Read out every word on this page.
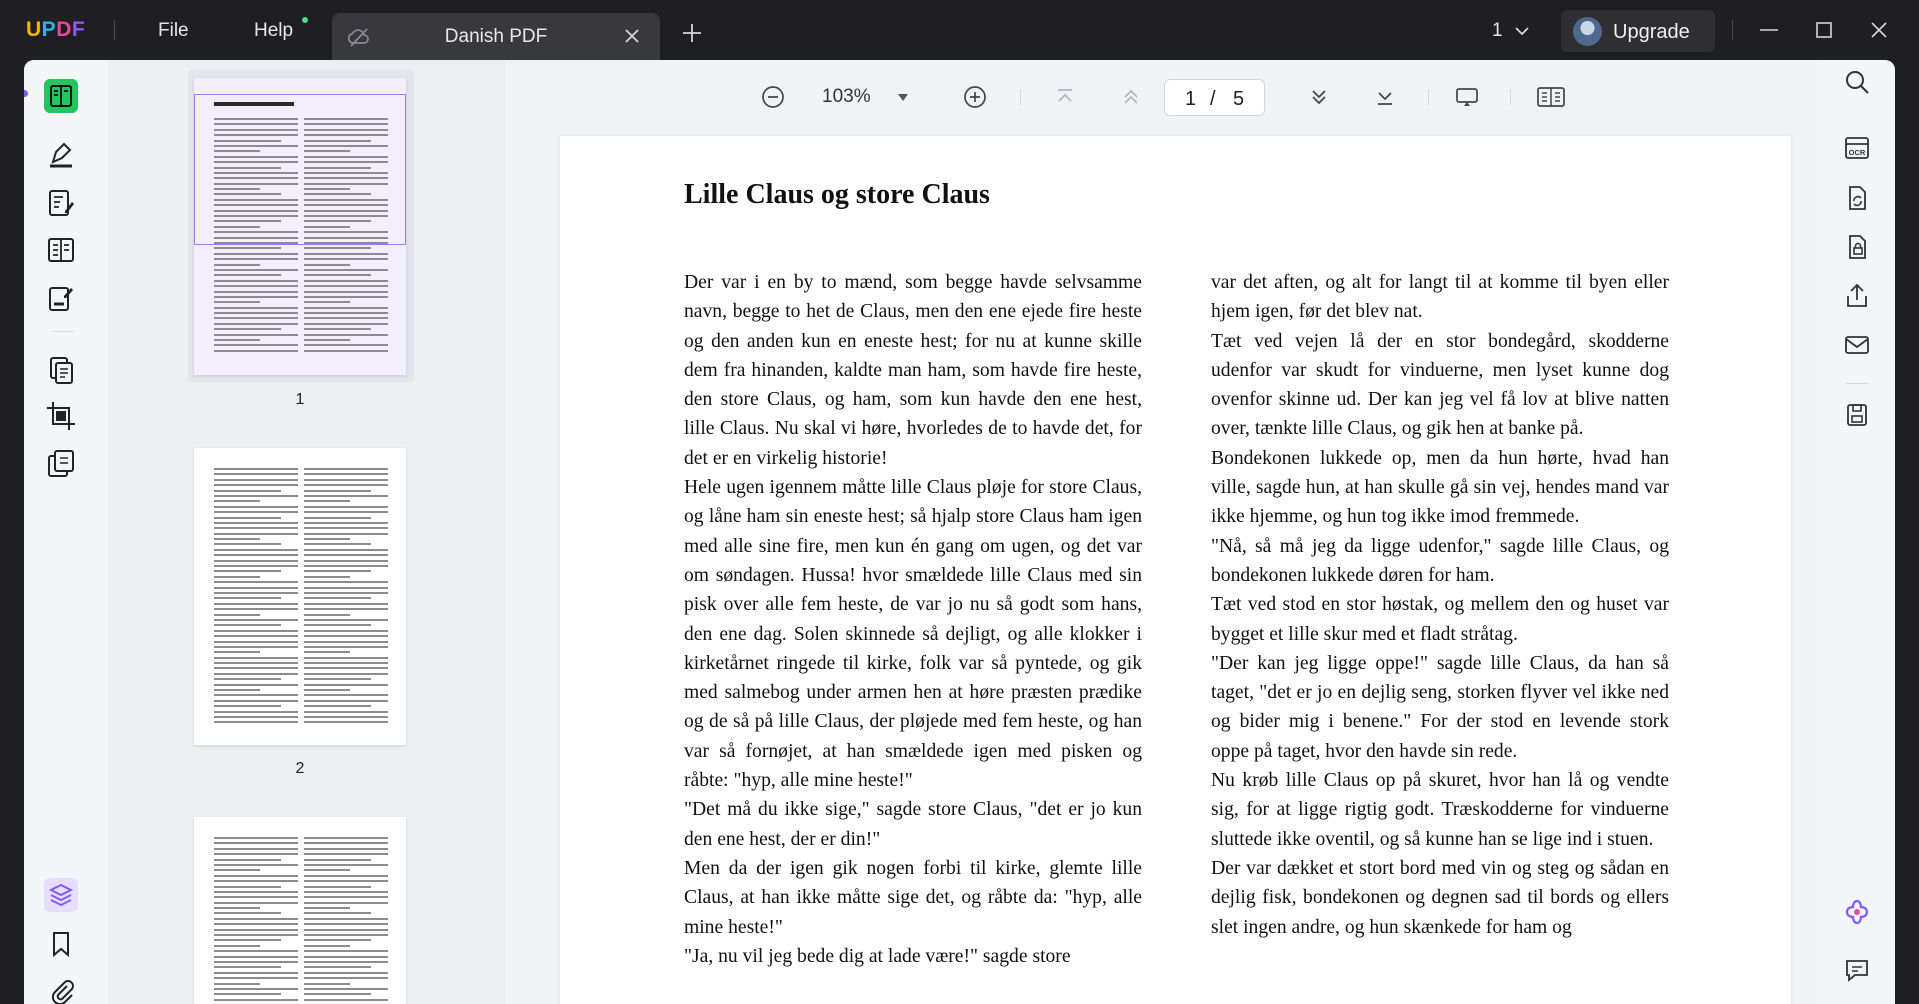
UPDF	File	Help	Danish PDF	1	Upgrade
1
2
103%	1 / 5
Lille Claus og store Claus

Der var i en by to mænd, som begge havde selvsamme navn, begge to het de Claus, men den ene ejede fire heste og den anden kun en eneste hest; for nu at kunne skille dem fra hinanden, kaldte man ham, som havde fire heste, den store Claus, og ham, som kun havde den ene hest, lille Claus. Nu skal vi høre, hvorledes de to havde det, for det er en virkelig historie!

Hele ugen igennem måtte lille Claus pløje for store Claus, og låne ham sin eneste hest; så hjalp store Claus ham igen med alle sine fire, men kun én gang om ugen, og det var om søndagen. Hussa! hvor smældede lille Claus med sin pisk over alle fem heste, de var jo nu så godt som hans, den ene dag. Solen skinnede så dejligt, og alle klokker i kirketårnet ringede til kirke, folk var så pyntede, og gik med salmebog under armen hen at høre præsten prædike og de så på lille Claus, der pløjede med fem heste, og han var så fornøjet, at han smældede igen med pisken og råbte: "hyp, alle mine heste!"

"Det må du ikke sige," sagde store Claus, "det er jo kun den ene hest, der er din!"

Men da der igen gik nogen forbi til kirke, glemte lille Claus, at han ikke måtte sige det, og råbte da: "hyp, alle mine heste!"

"Ja, nu vil jeg bede dig at lade være!" sagde store

var det aften, og alt for langt til at komme til byen eller hjem igen, før det blev nat.

Tæt ved vejen lå der en stor bondegård, skodderne udenfor var skudt for vinduerne, men lyset kunne dog ovenfor skinne ud. Der kan jeg vel få lov at blive natten over, tænkte lille Claus, og gik hen at banke på.

Bondekonen lukkede op, men da hun hørte, hvad han ville, sagde hun, at han skulle gå sin vej, hendes mand var ikke hjemme, og hun tog ikke imod fremmede.

"Nå, så må jeg da ligge udenfor," sagde lille Claus, og bondekonen lukkede døren for ham.

Tæt ved stod en stor høstak, og mellem den og huset var bygget et lille skur med et fladt stråtag.

"Der kan jeg ligge oppe!" sagde lille Claus, da han så taget, "det er jo en dejlig seng, storken flyver vel ikke ned og bider mig i benene." For der stod en levende stork oppe på taget, hvor den havde sin rede.

Nu krøb lille Claus op på skuret, hvor han lå og vendte sig, for at ligge rigtig godt. Træskodderne for vinduerne sluttede ikke oventil, og så kunne han se lige ind i stuen.

Der var dækket et stort bord med vin og steg og sådan en dejlig fisk, bondekonen og degnen sad til bords og ellers slet ingen andre, og hun skænkede for ham og

OCR
